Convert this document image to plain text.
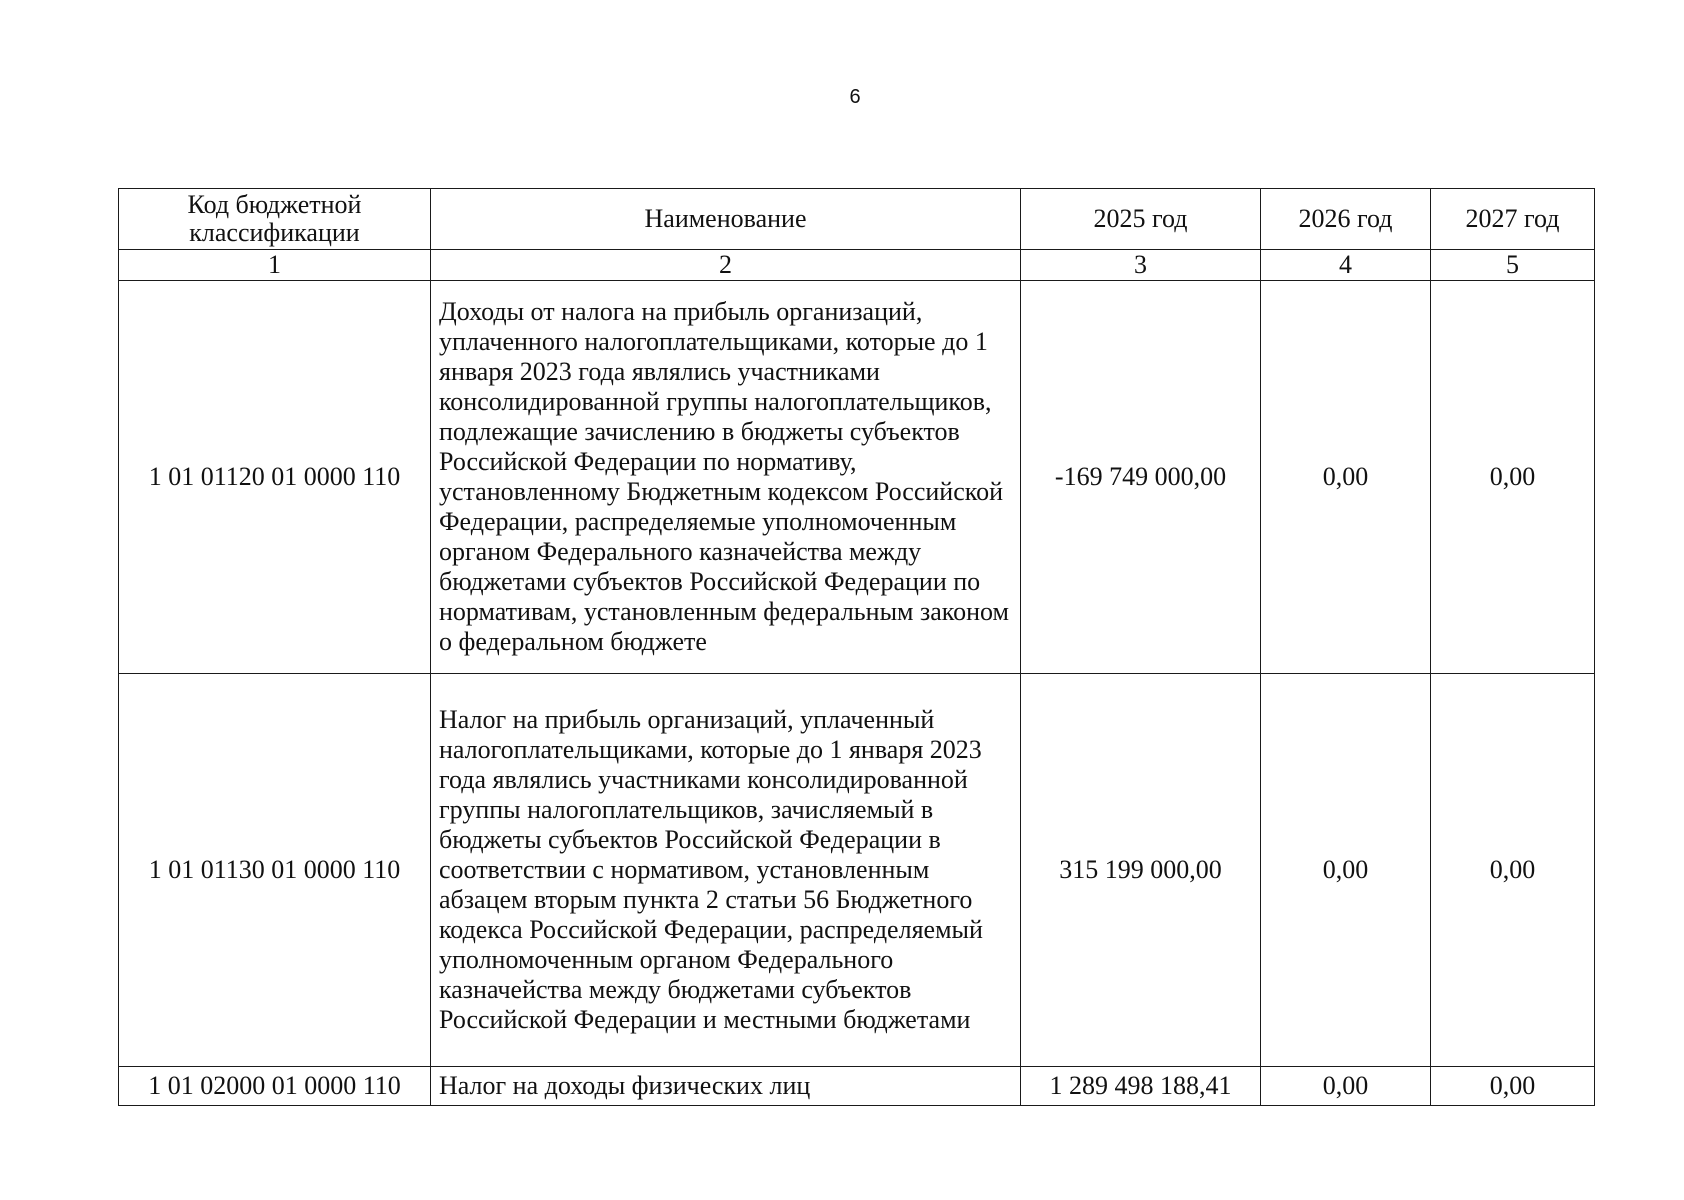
6
Код бюджетной классификации	Наименование	2025 год	2026 год	2027 год
1	2	3	4	5
1 01 01120 01 0000 110	Доходы от налога на прибыль организаций, уплаченного налогоплательщиками, которые до 1 января 2023 года являлись участниками консолидированной группы налогоплательщиков, подлежащие зачислению в бюджеты субъектов Российской Федерации по нормативу, установленному Бюджетным кодексом Российской Федерации, распределяемые уполномоченным органом Федерального казначейства между бюджетами субъектов Российской Федерации по нормативам, установленным федеральным законом о федеральном бюджете	-169 749 000,00	0,00	0,00
1 01 01130 01 0000 110	Налог на прибыль организаций, уплаченный налогоплательщиками, которые до 1 января 2023 года являлись участниками консолидированной группы налогоплательщиков, зачисляемый в бюджеты субъектов Российской Федерации в соответствии с нормативом, установленным абзацем вторым пункта 2 статьи 56 Бюджетного кодекса Российской Федерации, распределяемый уполномоченным органом Федерального казначейства между бюджетами субъектов Российской Федерации и местными бюджетами	315 199 000,00	0,00	0,00
1 01 02000 01 0000 110	Налог на доходы физических лиц	1 289 498 188,41	0,00	0,00
